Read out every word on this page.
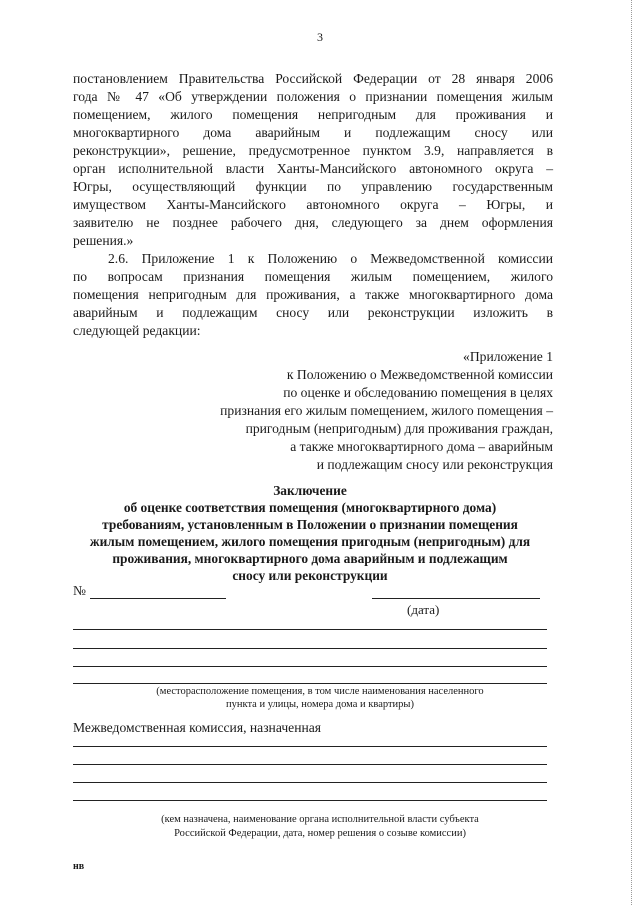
3
постановлением Правительства Российской Федерации от 28 января 2006
года № 47 «Об утверждении положения о признании помещения жилым
помещением, жилого помещения непригодным для проживания и
многоквартирного дома аварийным и подлежащим сносу или
реконструкции», решение, предусмотренное пунктом 3.9, направляется в
орган исполнительной власти Ханты-Мансийского автономного округа –
Югры, осуществляющий функции по управлению государственным
имуществом Ханты-Мансийского автономного округа – Югры, и
заявителю не позднее рабочего дня, следующего за днем оформления
решения.»
2.6. Приложение 1 к Положению о Межведомственной комиссии
по вопросам признания помещения жилым помещением, жилого
помещения непригодным для проживания, а также многоквартирного дома
аварийным и подлежащим сносу или реконструкции изложить в
следующей редакции:
«Приложение 1
к Положению о Межведомственной комиссии
по оценке и обследованию помещения в целях
признания его жилым помещением, жилого помещения –
пригодным (непригодным) для проживания граждан,
а также многоквартирного дома – аварийным
и подлежащим сносу или реконструкция
Заключение
об оценке соответствия помещения (многоквартирного дома)
требованиям, установленным в Положении о признании помещения
жилым помещением, жилого помещения пригодным (непригодным) для
проживания, многоквартирного дома аварийным и подлежащим
сносу или реконструкции
№
(дата)
(месторасположение помещения, в том числе наименования населенного
пункта и улицы, номера дома и квартиры)
Межведомственная комиссия, назначенная
(кем назначена, наименование органа исполнительной власти субъекта
Российской Федерации, дата, номер решения о созыве комиссии)
нв
